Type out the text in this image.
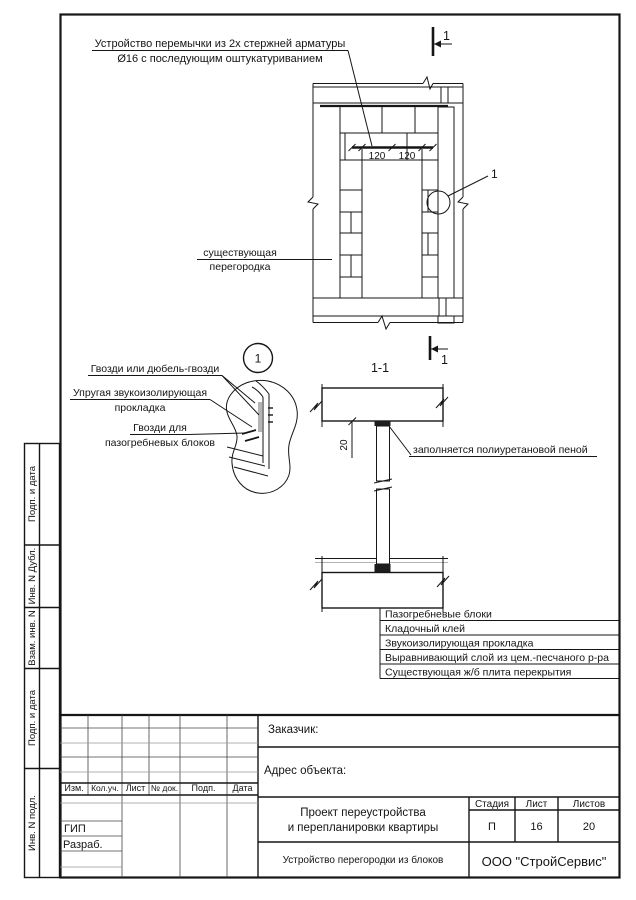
Устройство перемычки из 2х стержней арматуры
Ø16 с последующим оштукатуриванием
120 120
1
1
1
существующая
перегородка
1
Гвозди или дюбель-гвозди
Упругая звукоизолирующая
прокладка
Гвозди для
пазогребневых блоков
1-1
20	заполняется полиуретановой пеной
Пазогребневые блоки
Кладочный клей
Звукоизолирующая прокладка
Выравнивающий слой из цем.-песчаного р-ра
Существующая ж/б плита перекрытия
Подп. и дата
Инв. N Дубл.
Взам. инв. N
Подп. и дата
Инв. N подл.
Изм. Кол.уч. Лист № док. Подп. Дата
ГИП
Разраб.
Заказчик:
Адрес объекта:
Проект переустройства
и перепланировки квартиры
Стадия Лист	Листов
П	16	20
Устройство перегородки из блоков	ООО "СтройСервис"
